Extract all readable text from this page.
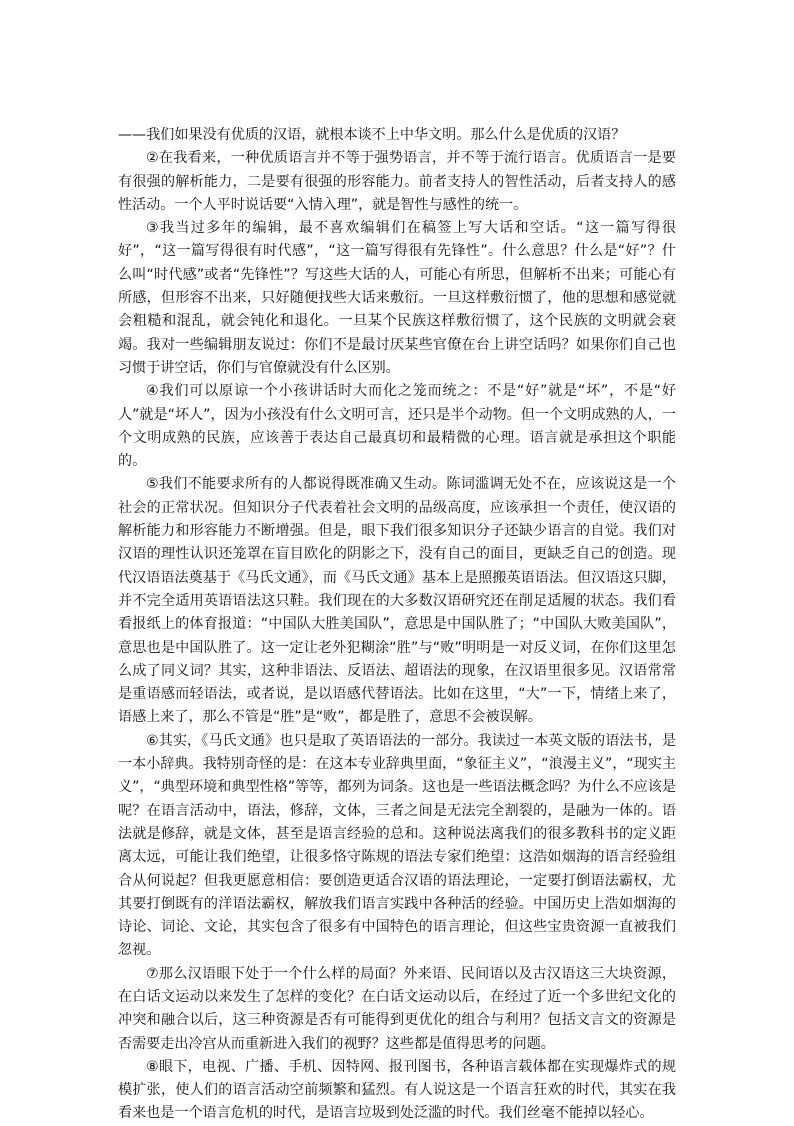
——我们如果没有优质的汉语，就根本谈不上中华文明。那么什么是优质的汉语？

②在我看来，一种优质语言并不等于强势语言，并不等于流行语言。优质语言一是要有很强的解析能力，二是要有很强的形容能力。前者支持人的智性活动，后者支持人的感性活动。一个人平时说话要“入情入理”，就是智性与感性的统一。

③我当过多年的编辑，最不喜欢编辑们在稿签上写大话和空话。“这一篇写得很好”，“这一篇写得很有时代感”，“这一篇写得很有先锋性”。什么意思？什么是“好”？什么叫“时代感”或者“先锋性”？写这些大话的人，可能心有所思，但解析不出来；可能心有所感，但形容不出来，只好随便找些大话来敷衍。一旦这样敷衍惯了，他的思想和感觉就会粗糙和混乱，就会钝化和退化。一旦某个民族这样敷衍惯了，这个民族的文明就会衰竭。我对一些编辑朋友说过：你们不是最讨厌某些官僚在台上讲空话吗？如果你们自己也习惯于讲空话，你们与官僚就没有什么区别。

④我们可以原谅一个小孩讲话时大而化之笼而统之：不是“好”就是“坏”，不是“好人”就是“坏人”，因为小孩没有什么文明可言，还只是半个动物。但一个文明成熟的人，一个文明成熟的民族，应该善于表达自己最真切和最精微的心理。语言就是承担这个职能的。

⑤我们不能要求所有的人都说得既准确又生动。陈词滥调无处不在，应该说这是一个社会的正常状况。但知识分子代表着社会文明的品级高度，应该承担一个责任，使汉语的解析能力和形容能力不断增强。但是，眼下我们很多知识分子还缺少语言的自觉。我们对汉语的理性认识还笼罩在盲目欧化的阴影之下，没有自己的面目，更缺乏自己的创造。现代汉语语法奠基于《马氏文通》，而《马氏文通》基本上是照搬英语语法。但汉语这只脚，并不完全适用英语语法这只鞋。我们现在的大多数汉语研究还在削足适履的状态。我们看看报纸上的体育报道：“中国队大胜美国队”，意思是中国队胜了；“中国队大败美国队”，意思也是中国队胜了。这一定让老外犯糊涂“胜”与“败”明明是一对反义词，在你们这里怎么成了同义词？其实，这种非语法、反语法、超语法的现象，在汉语里很多见。汉语常常是重语感而轻语法，或者说，是以语感代替语法。比如在这里，“大”一下，情绪上来了，语感上来了，那么不管是“胜”是“败”，都是胜了，意思不会被误解。

⑥其实，《马氏文通》也只是取了英语语法的一部分。我读过一本英文版的语法书，是一本小辞典。我特别奇怪的是：在这本专业辞典里面，“象征主义”，“浪漫主义”，“现实主义”，“典型环境和典型性格”等等，都列为词条。这也是一些语法概念吗？为什么不应该是呢？在语言活动中，语法，修辞，文体，三者之间是无法完全割裂的，是融为一体的。语法就是修辞，就是文体，甚至是语言经验的总和。这种说法离我们的很多教科书的定义距离太远，可能让我们绝望，让很多恪守陈规的语法专家们绝望：这浩如烟海的语言经验组合从何说起？但我更愿意相信：要创造更适合汉语的语法理论，一定要打倒语法霸权，尤其要打倒既有的洋语法霸权，解放我们语言实践中各种活的经验。中国历史上浩如烟海的诗论、词论、文论，其实包含了很多有中国特色的语言理论，但这些宝贵资源一直被我们忽视。

⑦那么汉语眼下处于一个什么样的局面？外来语、民间语以及古汉语这三大块资源，在白话文运动以来发生了怎样的变化？在白话文运动以后，在经过了近一个多世纪文化的冲突和融合以后，这三种资源是否有可能得到更优化的组合与利用？包括文言文的资源是否需要走出冷宫从而重新进入我们的视野？这些都是值得思考的问题。

⑧眼下，电视、广播、手机、因特网、报刊图书，各种语言载体都在实现爆炸式的规模扩张，使人们的语言活动空前频繁和猛烈。有人说这是一个语言狂欢的时代，其实在我看来也是一个语言危机的时代，是语言垃圾到处泛滥的时代。我们丝毫不能掉以轻心。
